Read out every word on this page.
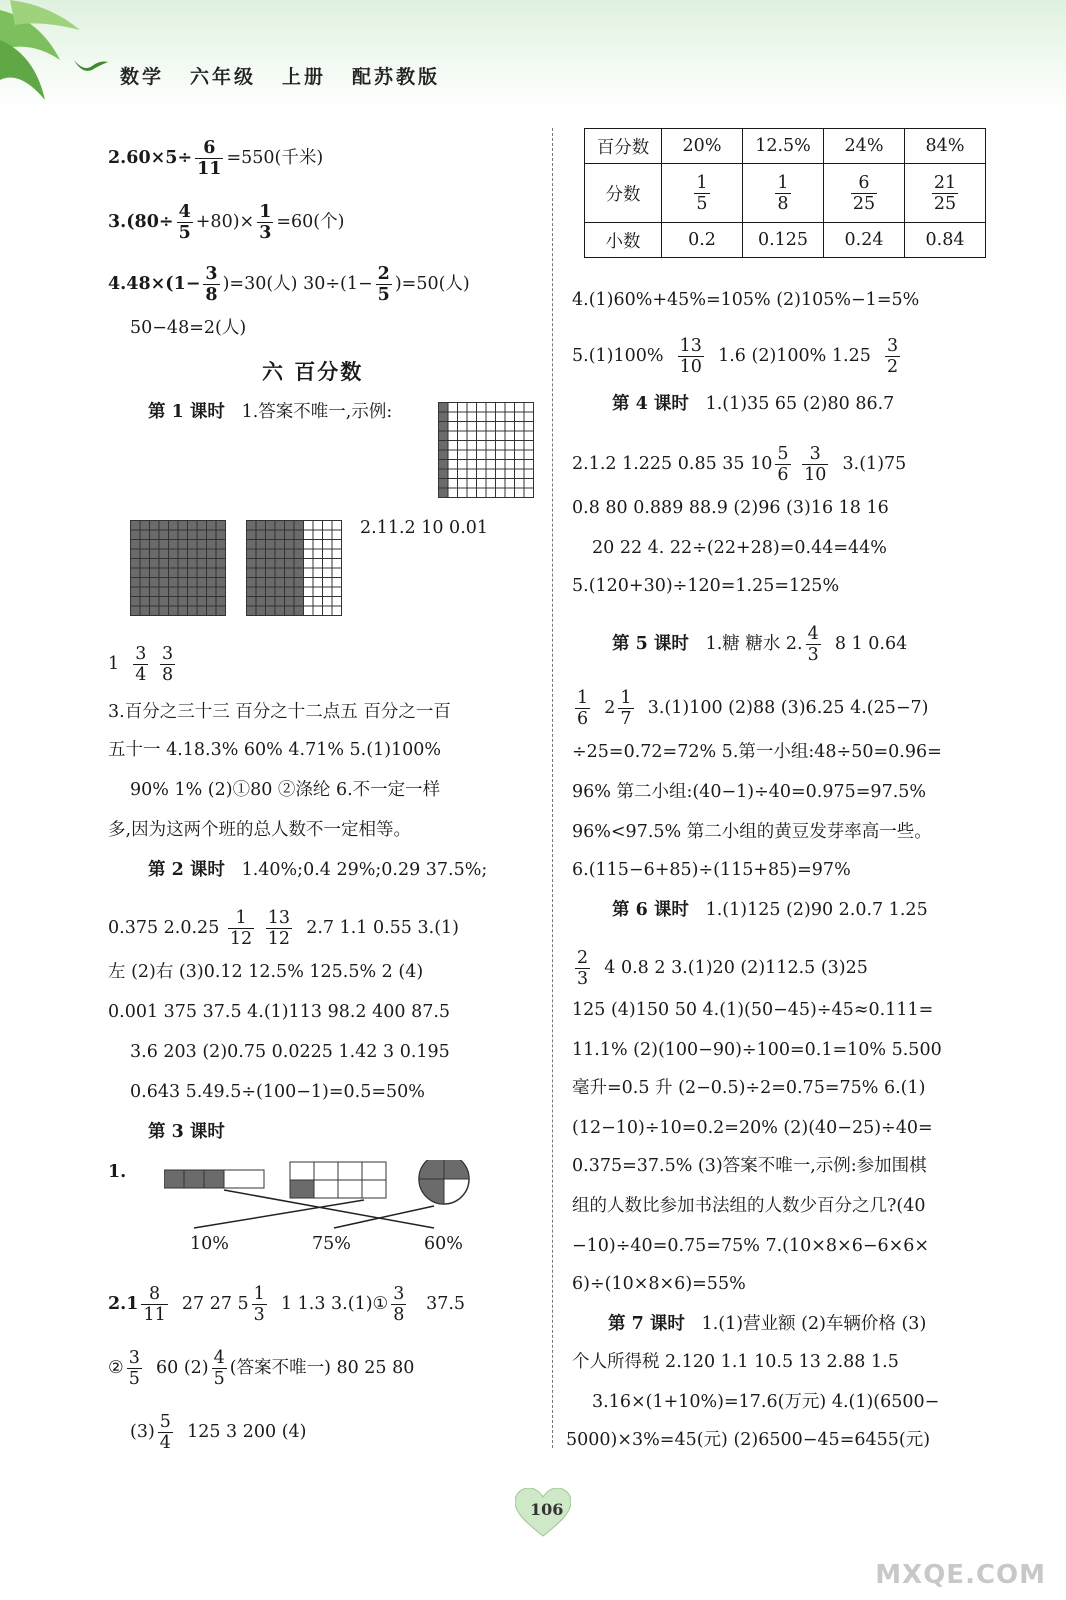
数学 六年级 上册 配苏教版
$2.60\times 5\div \frac{6}{11} =550$(千米)
$3.(80\div \frac{4}{5} +80)\times \frac{1}{3} =60$(个)
$4.48\times(1- \frac{3}{8} )=30$(人) $30\div(1- \frac{2}{5} )=50$(人)
50−48=2(人)
六 百分数
第 1 课时 1.答案不唯一,示例:
2.11.2 10 0.01
$1 \frac{3}{4}$
$\frac{3}{8}$
3.百分之三十三 百分之十二点五 百分之一百
五十一 4.18.3% 60% 4.71% 5.(1)100%
90% 1% (2)①80 ②涤纶 6.不一定一样
多,因为这两个班的总人数不一定相等。
第 2 课时 1.40%;0.4 29%;0.29 37.5%;
0.375 $2.0.25 \frac{1}{12}$
$\frac{13}{12} 2.7$ 1.1 0.55 3.(1)
左 (2)右 (3)0.12 12.5% 125.5% 2 (4)
0.001 375 37.5 4.(1)113 98.2 400 87.5
3.6 203 (2)0.75 0.0225 1.42 3 0.195
0.643 5.49.5÷(100−1)=0.5=50%
第 3 课时
1.
10%	75%	60%
$2.1 \frac{8}{11} 27$ 27 $5 \frac{1}{3} 1$ 1.3 3.(1)① $\frac{3}{8} 37.5$
② $\frac{3}{5} 60$ $(2) \frac{4}{5}$ (答案不唯一) 80 25 80
$(3) \frac{5}{4} 125$ 3 200 (4)
百分数	20%	12.5%	24%	84%
分数	$\frac{1}{5}$	$\frac{1}{8}$	$\frac{6}{25}$	$\frac{21}{25}$

小数	0.2	0.125	0.24	0.84
4.(1)60%+45%=105% (2)105%−1=5%
$5.(1)100\% \frac{13}{10} 1.6$ (2)100% $1.25 \frac{3}{2}$
第 4 课时 1.(1)35 65 (2)80 86.7
2.1.2 1.225 0.85 35 $10 \frac{5}{6}$
$\frac{3}{10} 3.(1)75$
0.8 80 0.889 88.9 (2)96 (3)16 18 16
20 22 4. 22÷(22+28)=0.44=44%
5.(120+30)÷120=1.25=125%
第 5 课时 1.糖 糖水 2. $\frac{4}{3} 8$ 1 0.64
$\frac{1}{6} 2 \frac{1}{7} 3.(1)100$ (2)88 (3)6.25 4.(25−7)
÷25=0.72=72% 5.第一小组:48÷50=0.96=
96% 第二小组:(40−1)÷40=0.975=97.5%
96%<97.5% 第二小组的黄豆发芽率高一些。
6.(115−6+85)÷(115+85)=97%
第 6 课时 1.(1)125 (2)90 2.0.7 1.25
$\frac{2}{3} 4$ 0.8 2 3.(1)20 (2)112.5 (3)25
125 (4)150 50 4.(1)(50−45)÷45≈0.111=
11.1% (2)(100−90)÷100=0.1=10% 5.500
毫升=0.5 升 (2−0.5)÷2=0.75=75% 6.(1)
(12−10)÷10=0.2=20% (2)(40−25)÷40=
0.375=37.5% (3)答案不唯一,示例:参加围棋
组的人数比参加书法组的人数少百分之几?(40
−10)÷40=0.75=75% 7.(10×8×6−6×6×
6)÷(10×8×6)=55%
第 7 课时 1.(1)营业额 (2)车辆价格 (3)
个人所得税 2.120 1.1 10.5 13 2.88 1.5
3.16×(1+10%)=17.6(万元) 4.(1)(6500−
5000)×3%=45(元) (2)6500−45=6455(元)
106
MXQE.COM
